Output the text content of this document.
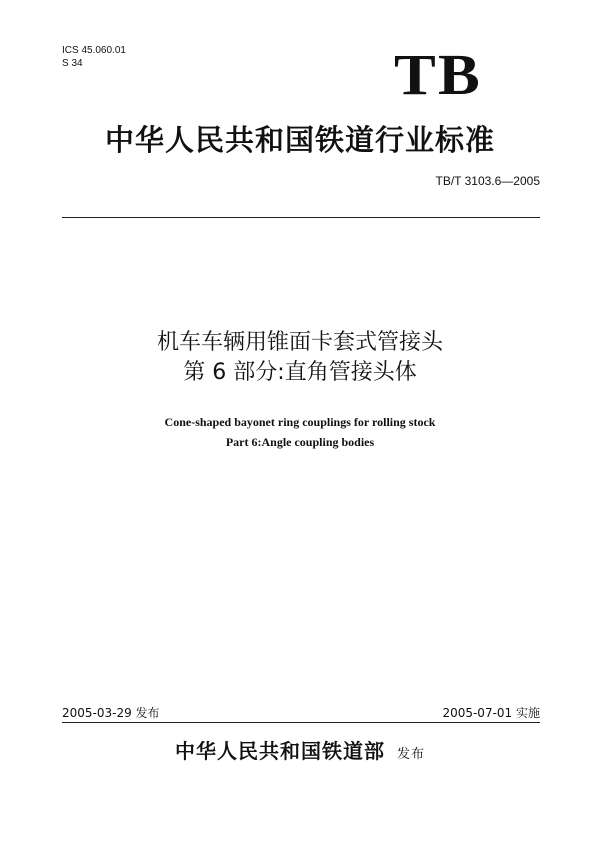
ICS 45.060.01
S 34	TB
中华人民共和国铁道行业标准
TB/T 3103.6—2005
机车车辆用锥面卡套式管接头
第 6 部分:直角管接头体
Cone-shaped bayonet ring couplings for rolling stock
Part 6:Angle coupling bodies
2005-03-29 发布	2005-07-01 实施
中华人民共和国铁道部 发布
